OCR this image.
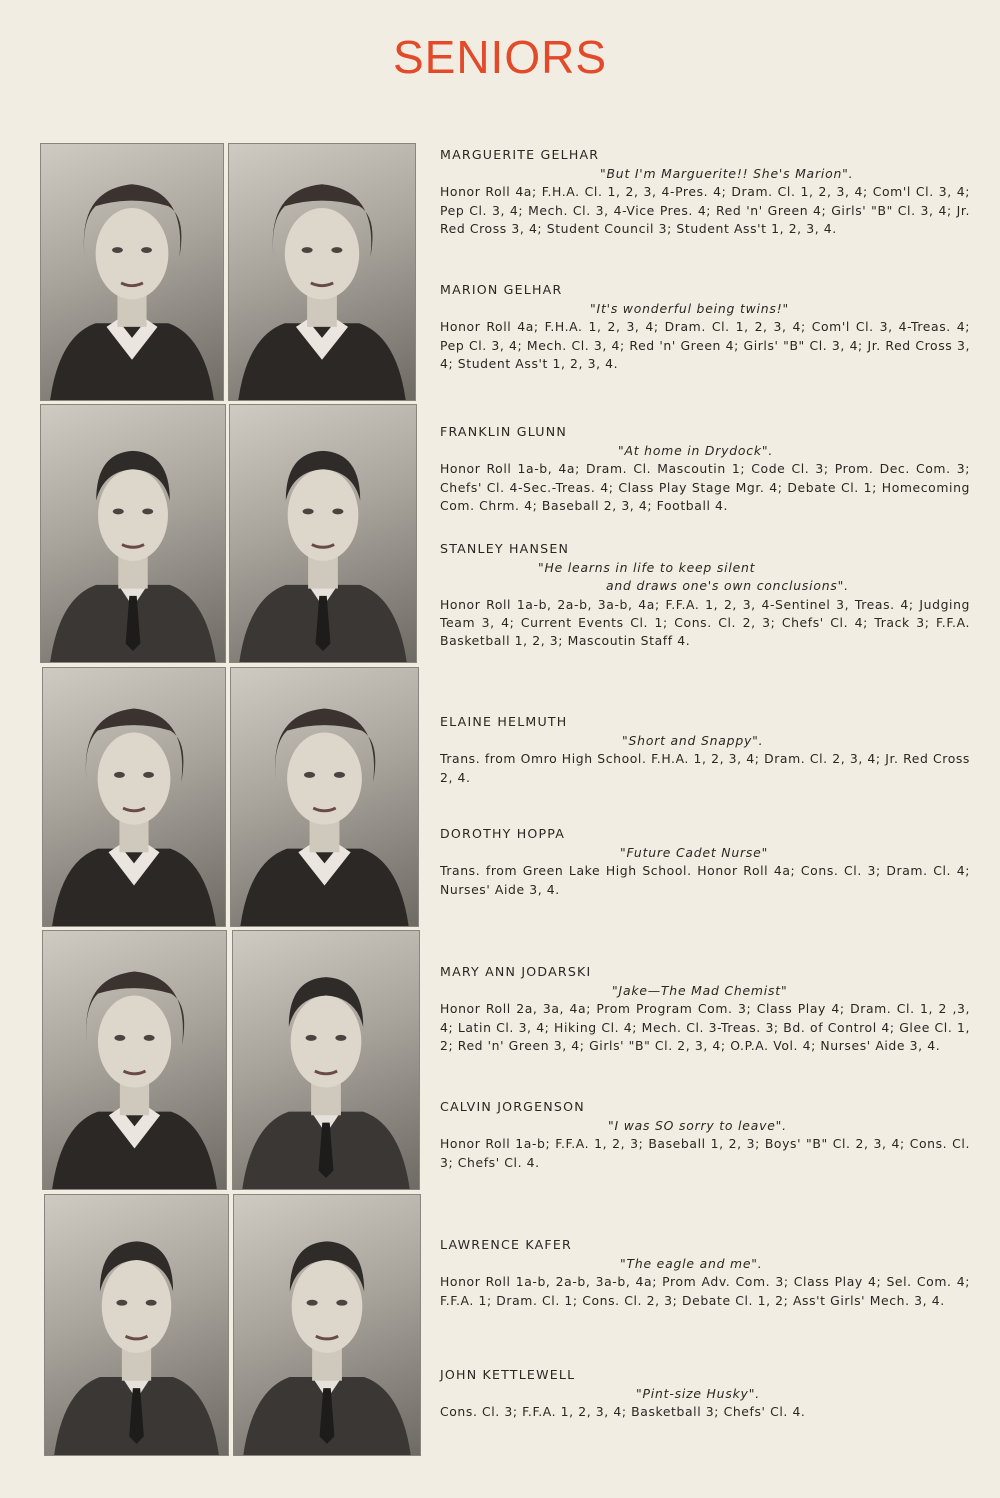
SENIORS
MARGUERITE GELHAR
"But I'm Marguerite!! She's Marion".
Honor Roll 4a; F.H.A. Cl. 1, 2, 3, 4-Pres. 4; Dram. Cl. 1, 2, 3, 4; Com'l Cl. 3, 4; Pep Cl. 3, 4; Mech. Cl. 3, 4-Vice Pres. 4; Red 'n' Green 4; Girls' "B" Cl. 3, 4; Jr. Red Cross 3, 4; Student Council 3; Student Ass't 1, 2, 3, 4.
MARION GELHAR
"It's wonderful being twins!"
Honor Roll 4a; F.H.A. 1, 2, 3, 4; Dram. Cl. 1, 2, 3, 4; Com'l Cl. 3, 4-Treas. 4; Pep Cl. 3, 4; Mech. Cl. 3, 4; Red 'n' Green 4; Girls' "B" Cl. 3, 4; Jr. Red Cross 3, 4; Student Ass't 1, 2, 3, 4.
FRANKLIN GLUNN
"At home in Drydock".
Honor Roll 1a-b, 4a; Dram. Cl. Mascoutin 1; Code Cl. 3; Prom. Dec. Com. 3; Chefs' Cl. 4-Sec.-Treas. 4; Class Play Stage Mgr. 4; Debate Cl. 1; Homecoming Com. Chrm. 4; Baseball 2, 3, 4; Football 4.
STANLEY HANSEN
"He learns in life to keep silent
and draws one's own conclusions".
Honor Roll 1a-b, 2a-b, 3a-b, 4a; F.F.A. 1, 2, 3, 4-Sentinel 3, Treas. 4; Judging Team 3, 4; Current Events Cl. 1; Cons. Cl. 2, 3; Chefs' Cl. 4; Track 3; F.F.A. Basketball 1, 2, 3; Mascoutin Staff 4.
ELAINE HELMUTH
"Short and Snappy".
Trans. from Omro High School. F.H.A. 1, 2, 3, 4; Dram. Cl. 2, 3, 4; Jr. Red Cross 2, 4.
DOROTHY HOPPA
"Future Cadet Nurse"
Trans. from Green Lake High School. Honor Roll 4a; Cons. Cl. 3; Dram. Cl. 4; Nurses' Aide 3, 4.
MARY ANN JODARSKI
"Jake—The Mad Chemist"
Honor Roll 2a, 3a, 4a; Prom Program Com. 3; Class Play 4; Dram. Cl. 1, 2 ,3, 4; Latin Cl. 3, 4; Hiking Cl. 4; Mech. Cl. 3-Treas. 3; Bd. of Control 4; Glee Cl. 1, 2; Red 'n' Green 3, 4; Girls' "B" Cl. 2, 3, 4; O.P.A. Vol. 4; Nurses' Aide 3, 4.
CALVIN JORGENSON
"I was SO sorry to leave".
Honor Roll 1a-b; F.F.A. 1, 2, 3; Baseball 1, 2, 3; Boys' "B" Cl. 2, 3, 4; Cons. Cl. 3; Chefs' Cl. 4.
LAWRENCE KAFER
"The eagle and me".
Honor Roll 1a-b, 2a-b, 3a-b, 4a; Prom Adv. Com. 3; Class Play 4; Sel. Com. 4; F.F.A. 1; Dram. Cl. 1; Cons. Cl. 2, 3; Debate Cl. 1, 2; Ass't Girls' Mech. 3, 4.
JOHN KETTLEWELL
"Pint-size Husky".
Cons. Cl. 3; F.F.A. 1, 2, 3, 4; Basketball 3; Chefs' Cl. 4.
